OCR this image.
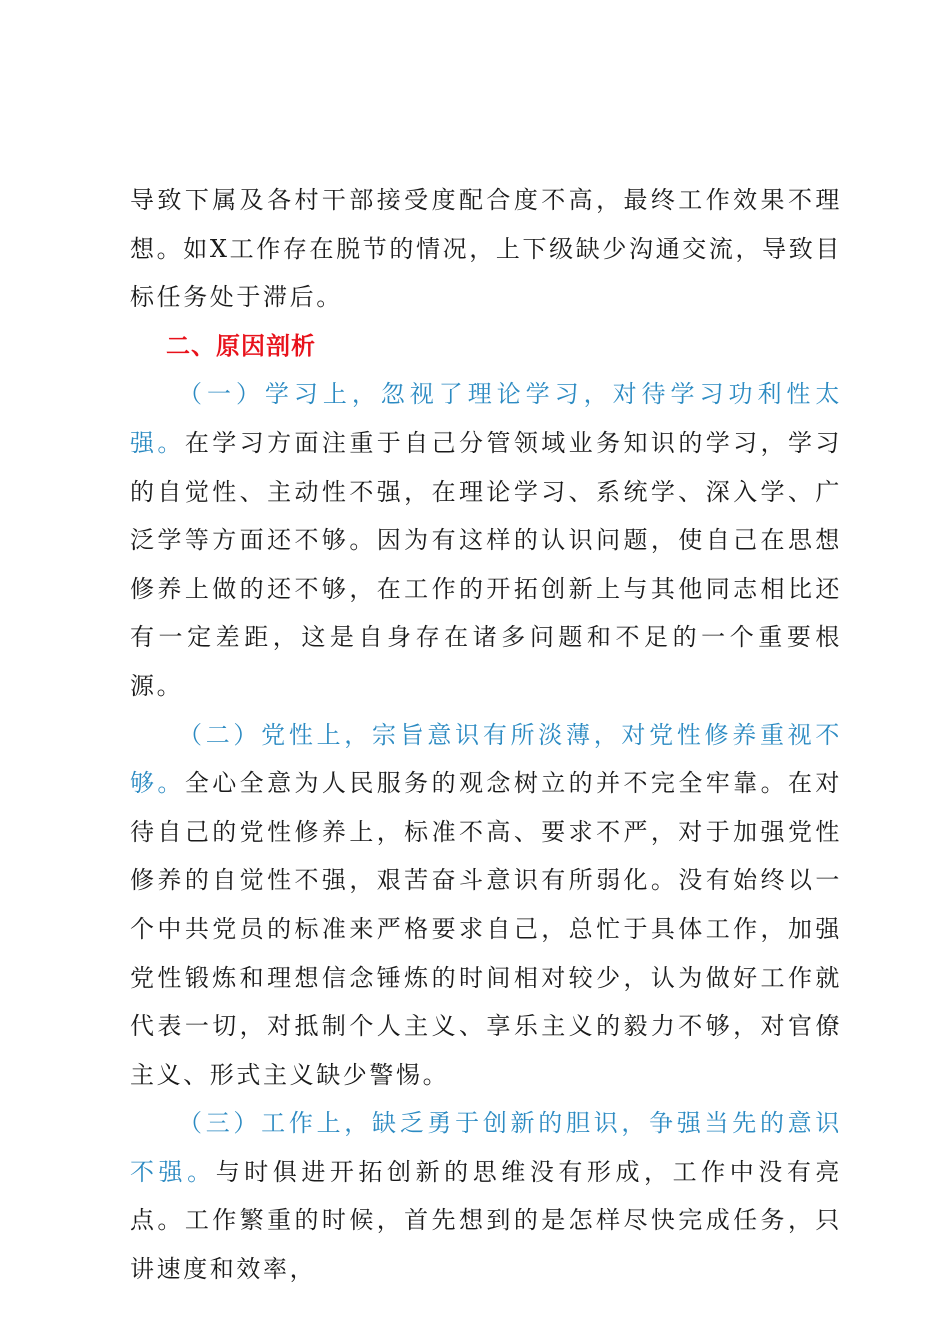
导致下属及各村干部接受度配合度不高，最终工作效果不理想。如X工作存在脱节的情况，上下级缺少沟通交流，导致目标任务处于滞后。

二、原因剖析

（一）学习上，忽视了理论学习，对待学习功利性太强。在学习方面注重于自己分管领域业务知识的学习，学习的自觉性、主动性不强，在理论学习、系统学、深入学、广泛学等方面还不够。因为有这样的认识问题，使自己在思想修养上做的还不够，在工作的开拓创新上与其他同志相比还有一定差距，这是自身存在诸多问题和不足的一个重要根源。

（二）党性上，宗旨意识有所淡薄，对党性修养重视不够。全心全意为人民服务的观念树立的并不完全牢靠。在对待自己的党性修养上，标准不高、要求不严，对于加强党性修养的自觉性不强，艰苦奋斗意识有所弱化。没有始终以一个中共党员的标准来严格要求自己，总忙于具体工作，加强党性锻炼和理想信念锤炼的时间相对较少，认为做好工作就代表一切，对抵制个人主义、享乐主义的毅力不够，对官僚主义、形式主义缺少警惕。

（三）工作上，缺乏勇于创新的胆识，争强当先的意识不强。与时俱进开拓创新的思维没有形成，工作中没有亮点。工作繁重的时候，首先想到的是怎样尽快完成任务，只讲速度和效率，
